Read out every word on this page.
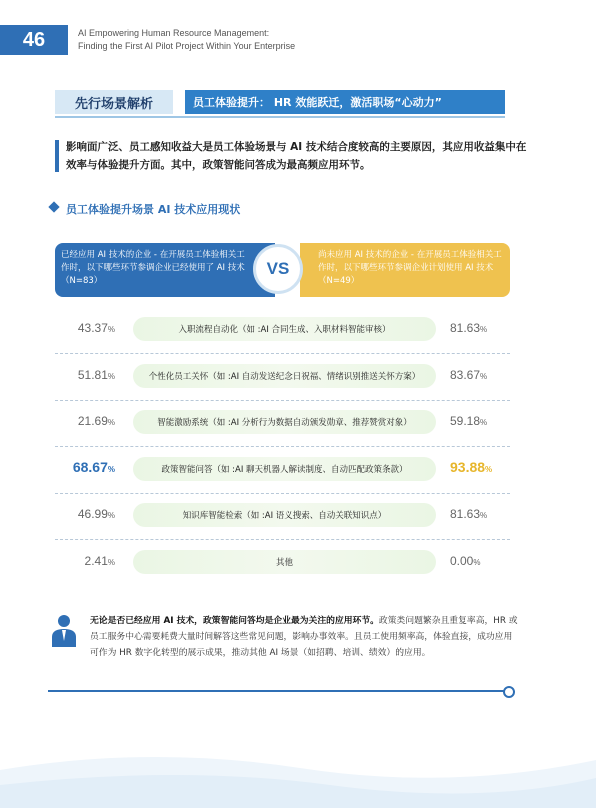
46	AI Empowering Human Resource Management:
Finding the First AI Pilot Project Within Your Enterprise
先行场景解析	员工体验提升： HR 效能跃迁，激活职场“心动力”
影响面广泛、员工感知收益大是员工体验场景与 AI 技术结合度较高的主要原因，其应用收益集中在效率与体验提升方面。其中，政策智能问答成为最高频应用环节。
员工体验提升场景 AI 技术应用现状
已经应用 AI 技术的企业 - 在开展员工体验相关工作时，以下哪些环节参调企业已经使用了 AI 技术（N=83）
尚未应用 AI 技术的企业 - 在开展员工体验相关工作时，以下哪些环节参调企业计划使用 AI 技术（N=49）
VS
43.37%	入职流程自动化（如 :AI 合同生成、入职材料智能审核）	81.63%
51.81%	个性化员工关怀（如 :AI 自动发送纪念日祝福、情绪识别推送关怀方案）	83.67%
21.69%	智能激励系统（如 :AI 分析行为数据自动颁发勋章、推荐赞赏对象）	59.18%
68.67%	政策智能问答（如 :AI 聊天机器人解读制度、自动匹配政策条款）	93.88%
46.99%	知识库智能检索（如 :AI 语义搜索、自动关联知识点）	81.63%
2.41%	其他	0.00%
无论是否已经应用 AI 技术，政策智能问答均是企业最为关注的应用环节。政策类问题繁杂且重复率高，HR 或员工服务中心需要耗费大量时间解答这些常见问题，影响办事效率。且员工使用频率高，体验直接，成功应用可作为 HR 数字化转型的展示成果，推动其他 AI 场景（如招聘、培训、绩效）的应用。
